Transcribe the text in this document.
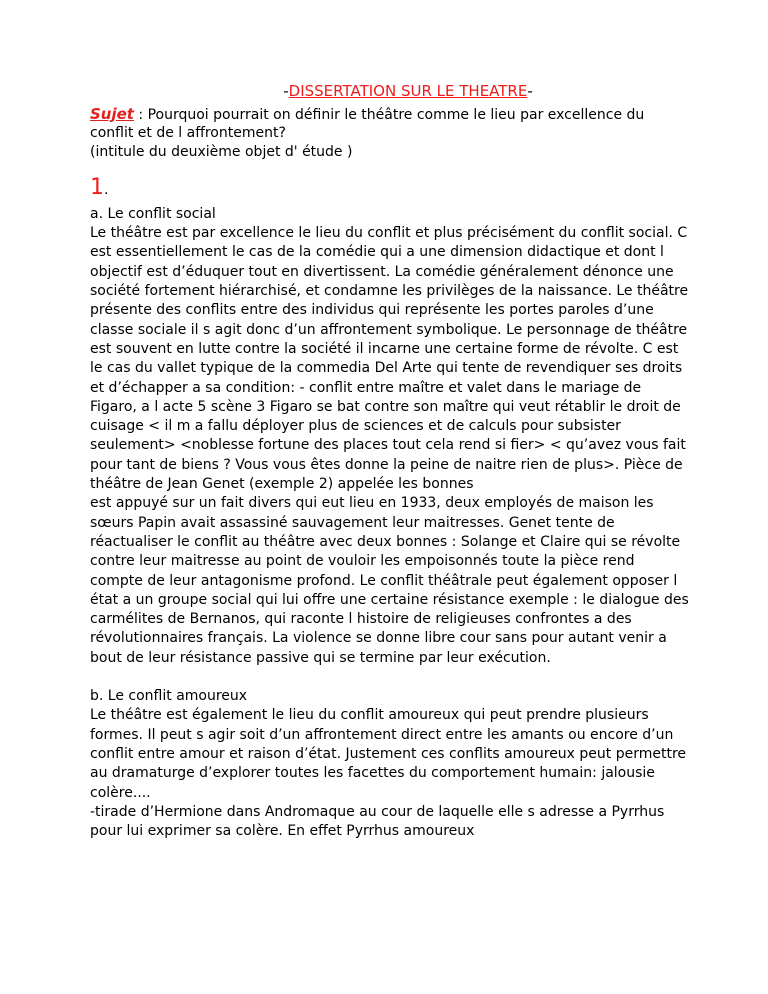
-DISSERTATION SUR LE THEATRE-

Sujet : Pourquoi pourrait on définir le théâtre comme le lieu par excellence du conflit et de l affrontement?
(intitule du deuxième objet d' étude )

1.

a. Le conflit social

Le théâtre est par excellence le lieu du conflit et plus précisément du conflit social. C est essentiellement le cas de la comédie qui a une dimension didactique et dont l objectif est d’éduquer tout en divertissent. La comédie généralement dénonce une société fortement hiérarchisé, et condamne les privilèges de la naissance. Le théâtre présente des conflits entre des individus qui représente les portes paroles d’une classe sociale il s agit donc d’un affrontement symbolique. Le personnage de théâtre est souvent en lutte contre la société il incarne une certaine forme de révolte. C est le cas du vallet typique de la commedia Del Arte qui tente de revendiquer ses droits et d’échapper a sa condition: - conflit entre maître et valet dans le mariage de Figaro, a l acte 5 scène 3 Figaro se bat contre son maître qui veut rétablir le droit de cuisage < il m a fallu déployer plus de sciences et de calculs pour subsister seulement> <noblesse fortune des places tout cela rend si fier> < qu’avez vous fait pour tant de biens ? Vous vous êtes donne la peine de naitre rien de plus>. Pièce de théâtre de Jean Genet (exemple 2) appelée les bonnes

est appuyé sur un fait divers qui eut lieu en 1933, deux employés de maison les sœurs Papin avait assassiné sauvagement leur maitresses. Genet tente de réactualiser le conflit au théâtre avec deux bonnes : Solange et Claire qui se révolte contre leur maitresse au point de vouloir les empoisonnés toute la pièce rend compte de leur antagonisme profond. Le conflit théâtrale peut également opposer l état a un groupe social qui lui offre une certaine résistance exemple : le dialogue des carmélites de Bernanos, qui raconte l histoire de religieuses confrontes a des révolutionnaires français. La violence se donne libre cour sans pour autant venir a bout de leur résistance passive qui se termine par leur exécution.

b. Le conflit amoureux

Le théâtre est également le lieu du conflit amoureux qui peut prendre plusieurs formes. Il peut s agir soit d’un affrontement direct entre les amants ou encore d’un conflit entre amour et raison d’état. Justement ces conflits amoureux peut permettre au dramaturge d’explorer toutes les facettes du comportement humain: jalousie colère....

-tirade d’Hermione dans Andromaque au cour de laquelle elle s adresse a Pyrrhus pour lui exprimer sa colère. En effet Pyrrhus amoureux
